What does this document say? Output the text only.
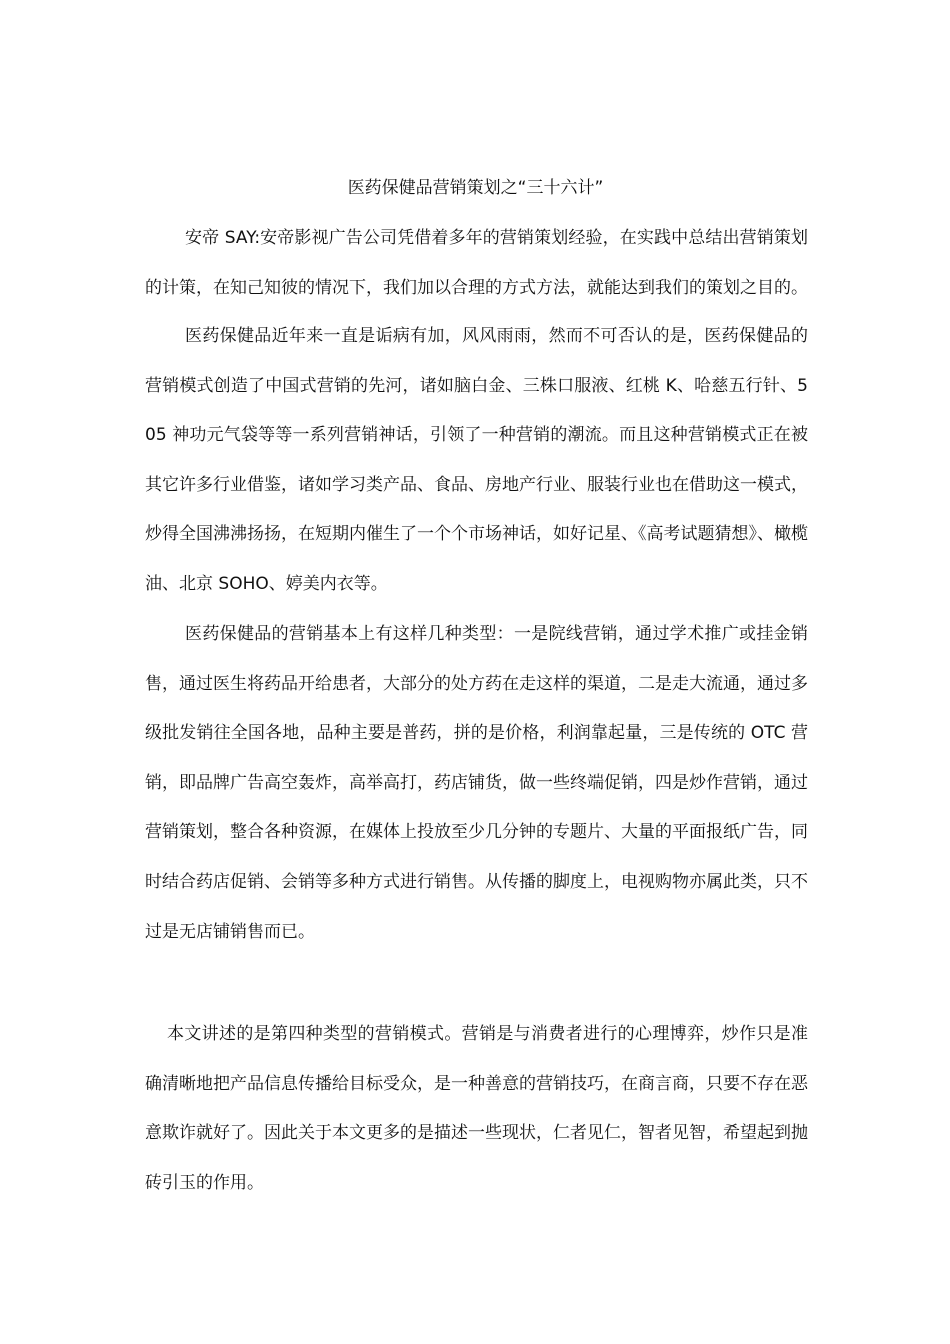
医药保健品营销策划之“三十六计”

安帝 SAY:安帝影视广告公司凭借着多年的营销策划经验，在实践中总结出营销策划的计策，在知己知彼的情况下，我们加以合理的方式方法，就能达到我们的策划之目的。

医药保健品近年来一直是诟病有加，风风雨雨，然而不可否认的是，医药保健品的营销模式创造了中国式营销的先河，诸如脑白金、三株口服液、红桃 K、哈慈五行针、505 神功元气袋等等一系列营销神话，引领了一种营销的潮流。而且这种营销模式正在被其它许多行业借鉴，诸如学习类产品、食品、房地产行业、服装行业也在借助这一模式，炒得全国沸沸扬扬，在短期内催生了一个个市场神话，如好记星、《高考试题猜想》、橄榄油、北京 SOHO、婷美内衣等。

医药保健品的营销基本上有这样几种类型：一是院线营销，通过学术推广或挂金销售，通过医生将药品开给患者，大部分的处方药在走这样的渠道，二是走大流通，通过多级批发销往全国各地，品种主要是普药，拼的是价格，利润靠起量，三是传统的 OTC 营销，即品牌广告高空轰炸，高举高打，药店铺货，做一些终端促销，四是炒作营销，通过营销策划，整合各种资源，在媒体上投放至少几分钟的专题片、大量的平面报纸广告，同时结合药店促销、会销等多种方式进行销售。从传播的脚度上，电视购物亦属此类，只不过是无店铺销售而已。

本文讲述的是第四种类型的营销模式。营销是与消费者进行的心理博弈，炒作只是准确清晰地把产品信息传播给目标受众，是一种善意的营销技巧，在商言商，只要不存在恶意欺诈就好了。因此关于本文更多的是描述一些现状，仁者见仁，智者见智，希望起到抛砖引玉的作用。
